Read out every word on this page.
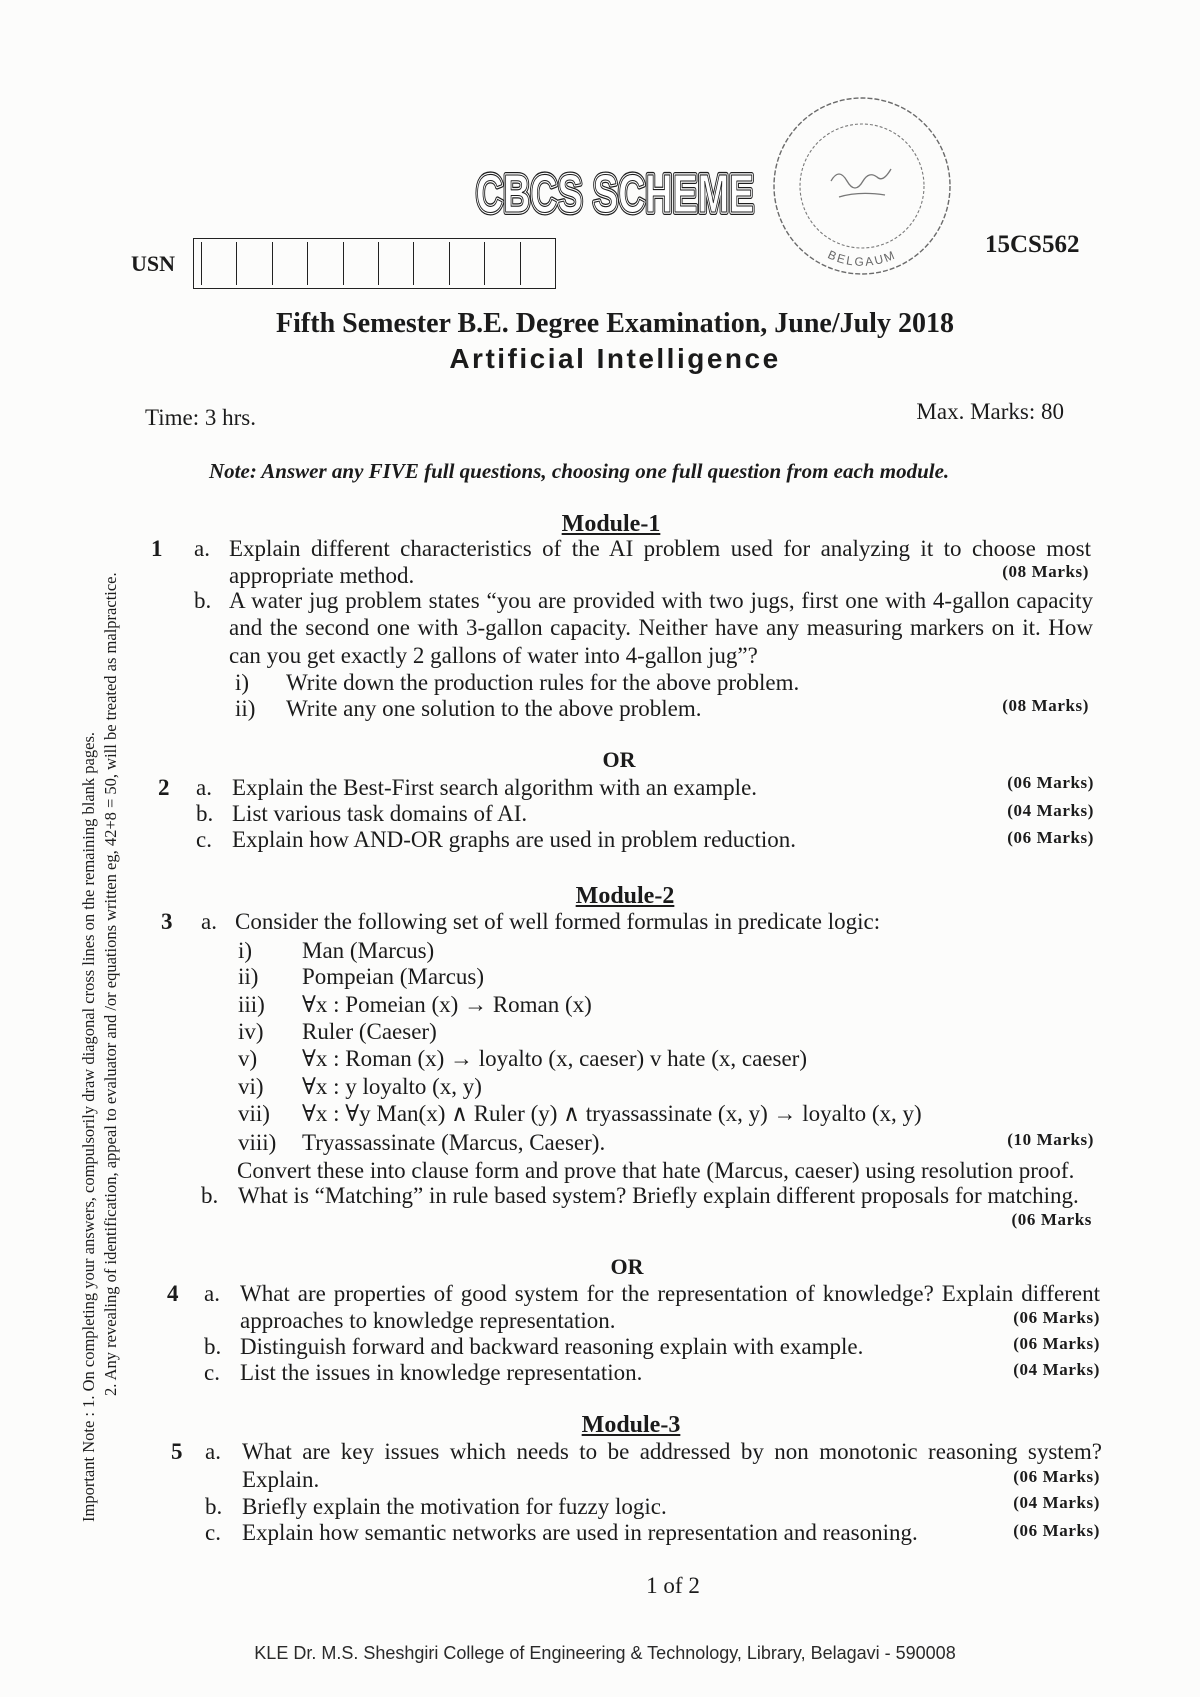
Important Note : 1. On completing your answers, compulsorily draw diagonal cross lines on the remaining blank pages. 2. Any revealing of identification, appeal to evaluator and /or equations written eg, 42+8 = 50, will be treated as malpractice.
CBCS SCHEME
CBCS SCHEME
CBCS SCHEME
BELGAUM	15CS562
USN
Fifth Semester B.E. Degree Examination, June/July 2018
Artificial Intelligence
Time: 3 hrs.	Max. Marks: 80
Note: Answer any FIVE full questions, choosing one full question from each module.
Module-1
1 a. Explain different characteristics of the AI problem used for analyzing it to choose most
appropriate method.	(08 Marks)
b. A water jug problem states “you are provided with two jugs, first one with 4-gallon capacity
and the second one with 3-gallon capacity. Neither have any measuring markers on it. How
can you get exactly 2 gallons of water into 4-gallon jug”?
i) Write down the production rules for the above problem.
ii) Write any one solution to the above problem.	(08 Marks)
OR
2 a. Explain the Best-First search algorithm with an example.	(06 Marks)
b. List various task domains of AI.	(04 Marks)
c. Explain how AND-OR graphs are used in problem reduction.	(06 Marks)
Module-2
3 a. Consider the following set of well formed formulas in predicate logic:
i) Man (Marcus)
ii) Pompeian (Marcus)
iii) ∀x : Pomeian (x) → Roman (x)
iv) Ruler (Caeser)
v) ∀x : Roman (x) → loyalto (x, caeser) v hate (x, caeser)
vi) ∀x : y loyalto (x, y)
vii) ∀x : ∀y Man(x) ∧ Ruler (y) ∧ tryassassinate (x, y) → loyalto (x, y)
viii) Tryassassinate (Marcus, Caeser).	(10 Marks)
Convert these into clause form and prove that hate (Marcus, caeser) using resolution proof.
b. What is “Matching” in rule based system? Briefly explain different proposals for matching.
(06 Marks
OR
4 a. What are properties of good system for the representation of knowledge? Explain different
approaches to knowledge representation.	(06 Marks)
b. Distinguish forward and backward reasoning explain with example.	(06 Marks)
c. List the issues in knowledge representation.	(04 Marks)
Module-3
5 a. What are key issues which needs to be addressed by non monotonic reasoning system?
Explain.	(06 Marks)
b. Briefly explain the motivation for fuzzy logic.	(04 Marks)
c. Explain how semantic networks are used in representation and reasoning.	(06 Marks)
1 of 2
KLE Dr. M.S. Sheshgiri College of Engineering & Technology, Library, Belagavi - 590008
